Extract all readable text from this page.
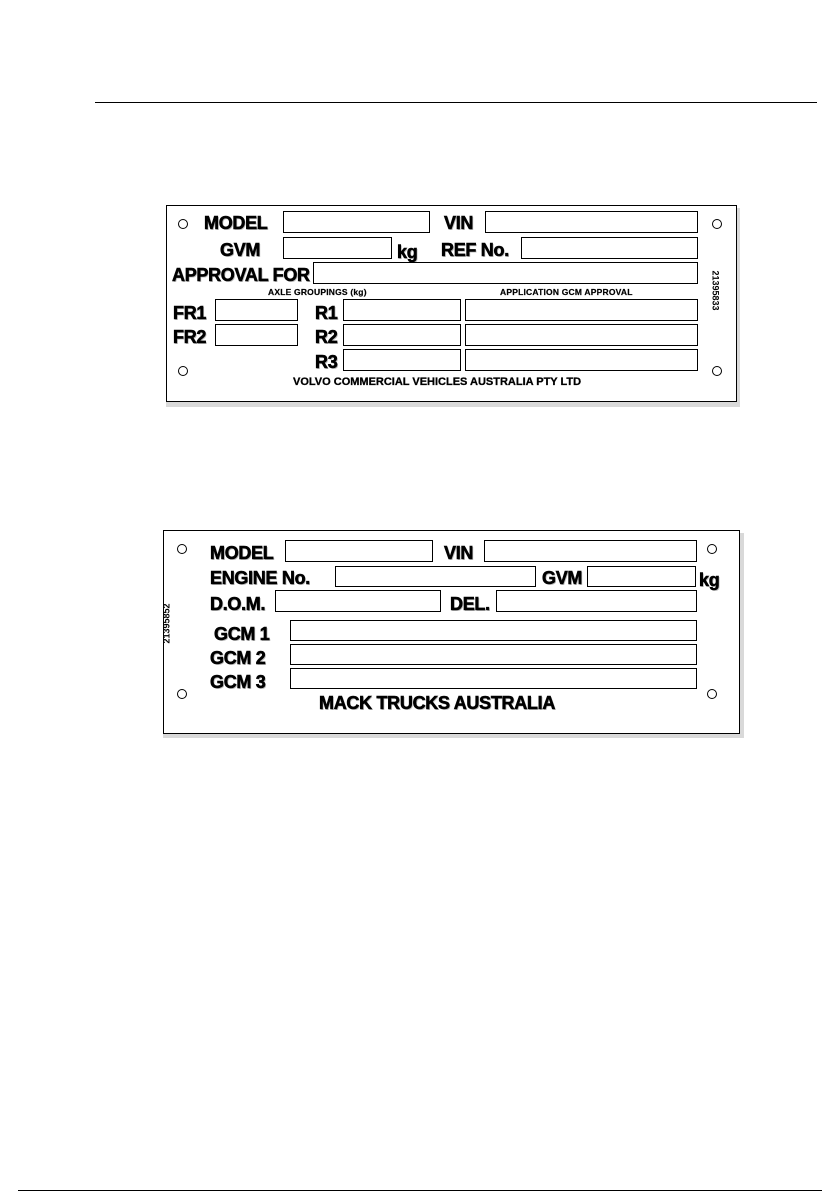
MODEL	VIN
GVM	kg REF No.
APPROVAL FOR
AXLE GROUPINGS (kg)	APPLICATION GCM APPROVAL
FR1	R1
FR2	R2
R3
VOLVO COMMERCIAL VEHICLES AUSTRALIA PTY LTD
21395833
MODEL	VIN
ENGINE No.	GVM	kg
D.O.M.	DEL.
GCM 1
GCM 2
GCM 3
MACK TRUCKS AUSTRALIA
21395852
